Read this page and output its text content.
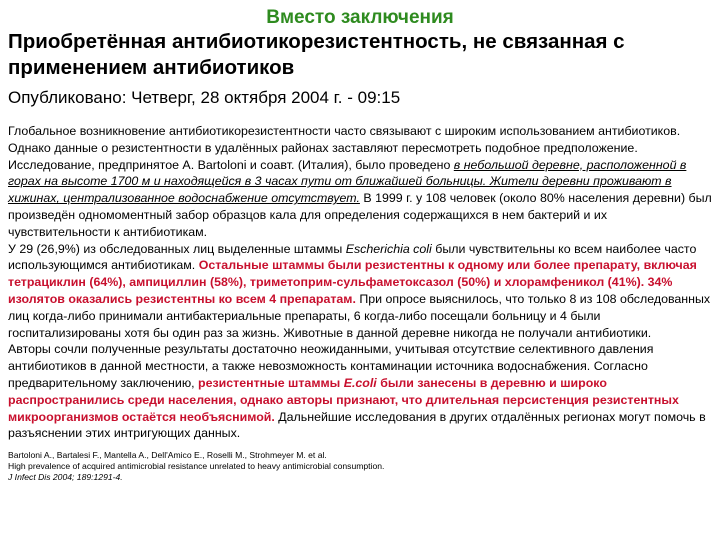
Вместо заключения
Приобретённая антибиотикорезистентность, не связанная с применением антибиотиков
Опубликовано: Четверг, 28 октября 2004 г. - 09:15

Глобальное возникновение антибиотикорезистентности часто связывают с широким использованием антибиотиков. Однако данные о резистентности в удалённых районах заставляют пересмотреть подобное предположение.

Исследование, предпринятое A. Bartoloni и соавт. (Италия), было проведено в небольшой деревне, расположенной в горах на высоте 1700 м и находящейся в 3 часах пути от ближайшей больницы. Жители деревни проживают в хижинах, централизованное водоснабжение отсутствует. В 1999 г. у 108 человек (около 80% населения деревни) был произведён одномоментный забор образцов кала для определения содержащихся в нем бактерий и их чувствительности к антибиотикам.

У 29 (26,9%) из обследованных лиц выделенные штаммы Escherichia coli были чувствительны ко всем наиболее часто использующимся антибиотикам. Остальные штаммы были резистентны к одному или более препарату, включая тетрациклин (64%), ампициллин (58%), триметоприм-сульфаметоксазол (50%) и хлорамфеникол (41%). 34% изолятов оказались резистентны ко всем 4 препаратам. При опросе выяснилось, что только 8 из 108 обследованных лиц когда-либо принимали антибактериальные препараты, 6 когда-либо посещали больницу и 4 были госпитализированы хотя бы один раз за жизнь. Животные в данной деревне никогда не получали антибиотики.

Авторы сочли полученные результаты достаточно неожиданными, учитывая отсутствие селективного давления антибиотиков в данной местности, а также невозможность контаминации источника водоснабжения. Согласно предварительному заключению, резистентные штаммы E.coli были занесены в деревню и широко распространились среди населения, однако авторы признают, что длительная персистенция резистентных микроорганизмов остаётся необъяснимой. Дальнейшие исследования в других отдалённых регионах могут помочь в разъяснении этих интригующих данных.

Bartoloni A., Bartalesi F., Mantella A., Dell'Amico E., Roselli M., Strohmeyer M. et al.

High prevalence of acquired antimicrobial resistance unrelated to heavy antimicrobial consumption.

J Infect Dis 2004; 189:1291-4.
